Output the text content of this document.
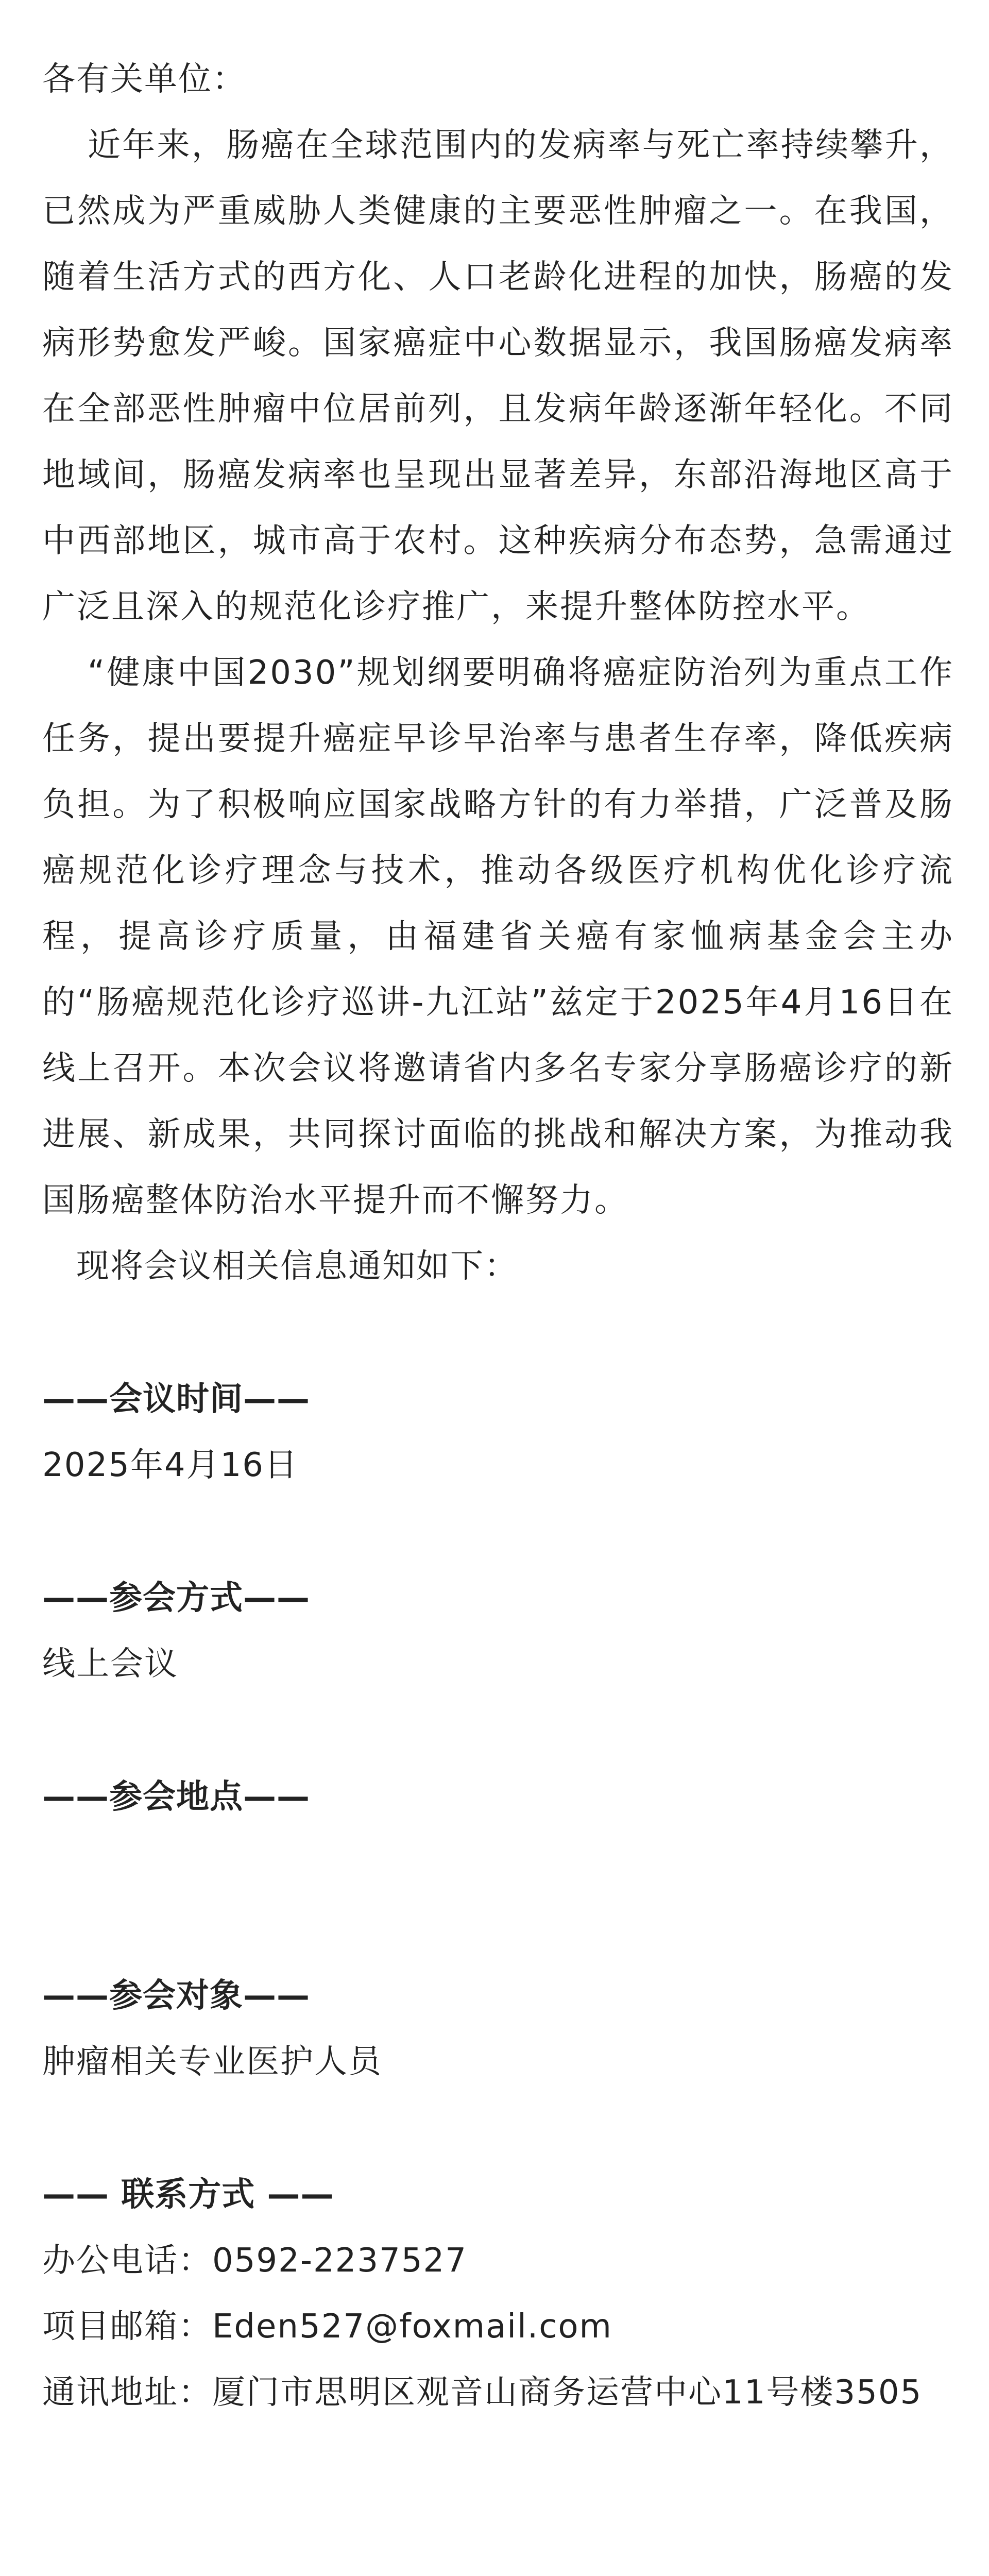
各有关单位：

近年来，肠癌在全球范围内的发病率与死亡率持续攀升，已然成为严重威胁人类健康的主要恶性肿瘤之一。在我国，随着生活方式的西方化、人口老龄化进程的加快，肠癌的发病形势愈发严峻。国家癌症中心数据显示，我国肠癌发病率在全部恶性肿瘤中位居前列，且发病年龄逐渐年轻化。不同地域间，肠癌发病率也呈现出显著差异，东部沿海地区高于中西部地区，城市高于农村。这种疾病分布态势，急需通过广泛且深入的规范化诊疗推广，来提升整体防控水平。

“健康中国2030”规划纲要明确将癌症防治列为重点工作任务，提出要提升癌症早诊早治率与患者生存率，降低疾病负担。为了积极响应国家战略方针的有力举措，广泛普及肠癌规范化诊疗理念与技术，推动各级医疗机构优化诊疗流程，提高诊疗质量，由福建省关癌有家恤病基金会主办的“肠癌规范化诊疗巡讲-九江站”兹定于2025年4月16日在线上召开。本次会议将邀请省内多名专家分享肠癌诊疗的新进展、新成果，共同探讨面临的挑战和解决方案，为推动我国肠癌整体防治水平提升而不懈努力。

现将会议相关信息通知如下：

——会议时间——

2025年4月16日

——参会方式——

线上会议

——参会地点——

——参会对象——

肿瘤相关专业医护人员

—— 联系方式 ——

办公电话：0592-2237527

项目邮箱：Eden527@foxmail.com

通讯地址：厦门市思明区观音山商务运营中心11号楼3505
